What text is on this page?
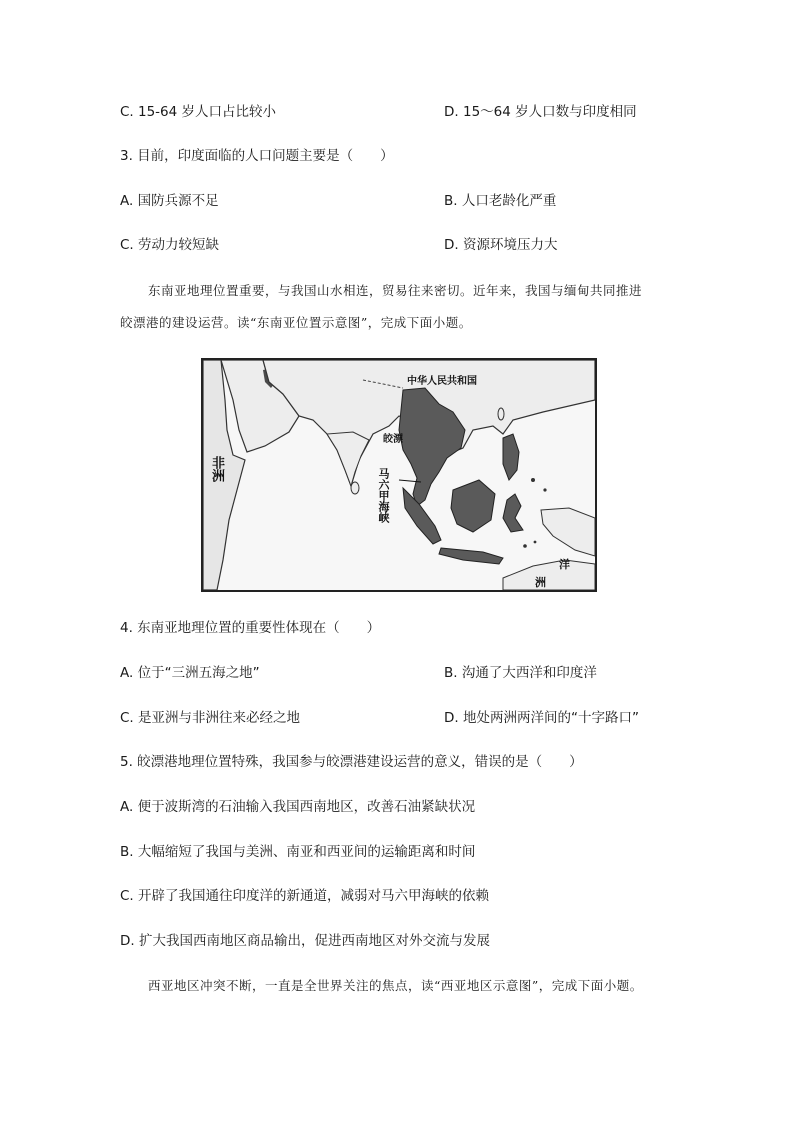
C. 15-64 岁人口占比较小	D. 15～64 岁人口数与印度相同
3. 目前，印度面临的人口问题主要是（　　）
A. 国防兵源不足	B. 人口老龄化严重
C. 劳动力较短缺	D. 资源环境压力大
东南亚地理位置重要，与我国山水相连，贸易往来密切。近年来，我国与缅甸共同推进
皎漂港的建设运营。读“东南亚位置示意图”，完成下面小题。
中华人民共和国
皎漂
马六甲海峡
非洲
洋
洲
4. 东南亚地理位置的重要性体现在（　　）
A. 位于“三洲五海之地”	B. 沟通了大西洋和印度洋
C. 是亚洲与非洲往来必经之地	D. 地处两洲两洋间的“十字路口”
5. 皎漂港地理位置特殊，我国参与皎漂港建设运营的意义，错误的是（　　）
A. 便于波斯湾的石油输入我国西南地区，改善石油紧缺状况
B. 大幅缩短了我国与美洲、南亚和西亚间的运输距离和时间
C. 开辟了我国通往印度洋的新通道，减弱对马六甲海峡的依赖
D. 扩大我国西南地区商品输出，促进西南地区对外交流与发展
西亚地区冲突不断，一直是全世界关注的焦点，读“西亚地区示意图”，完成下面小题。
